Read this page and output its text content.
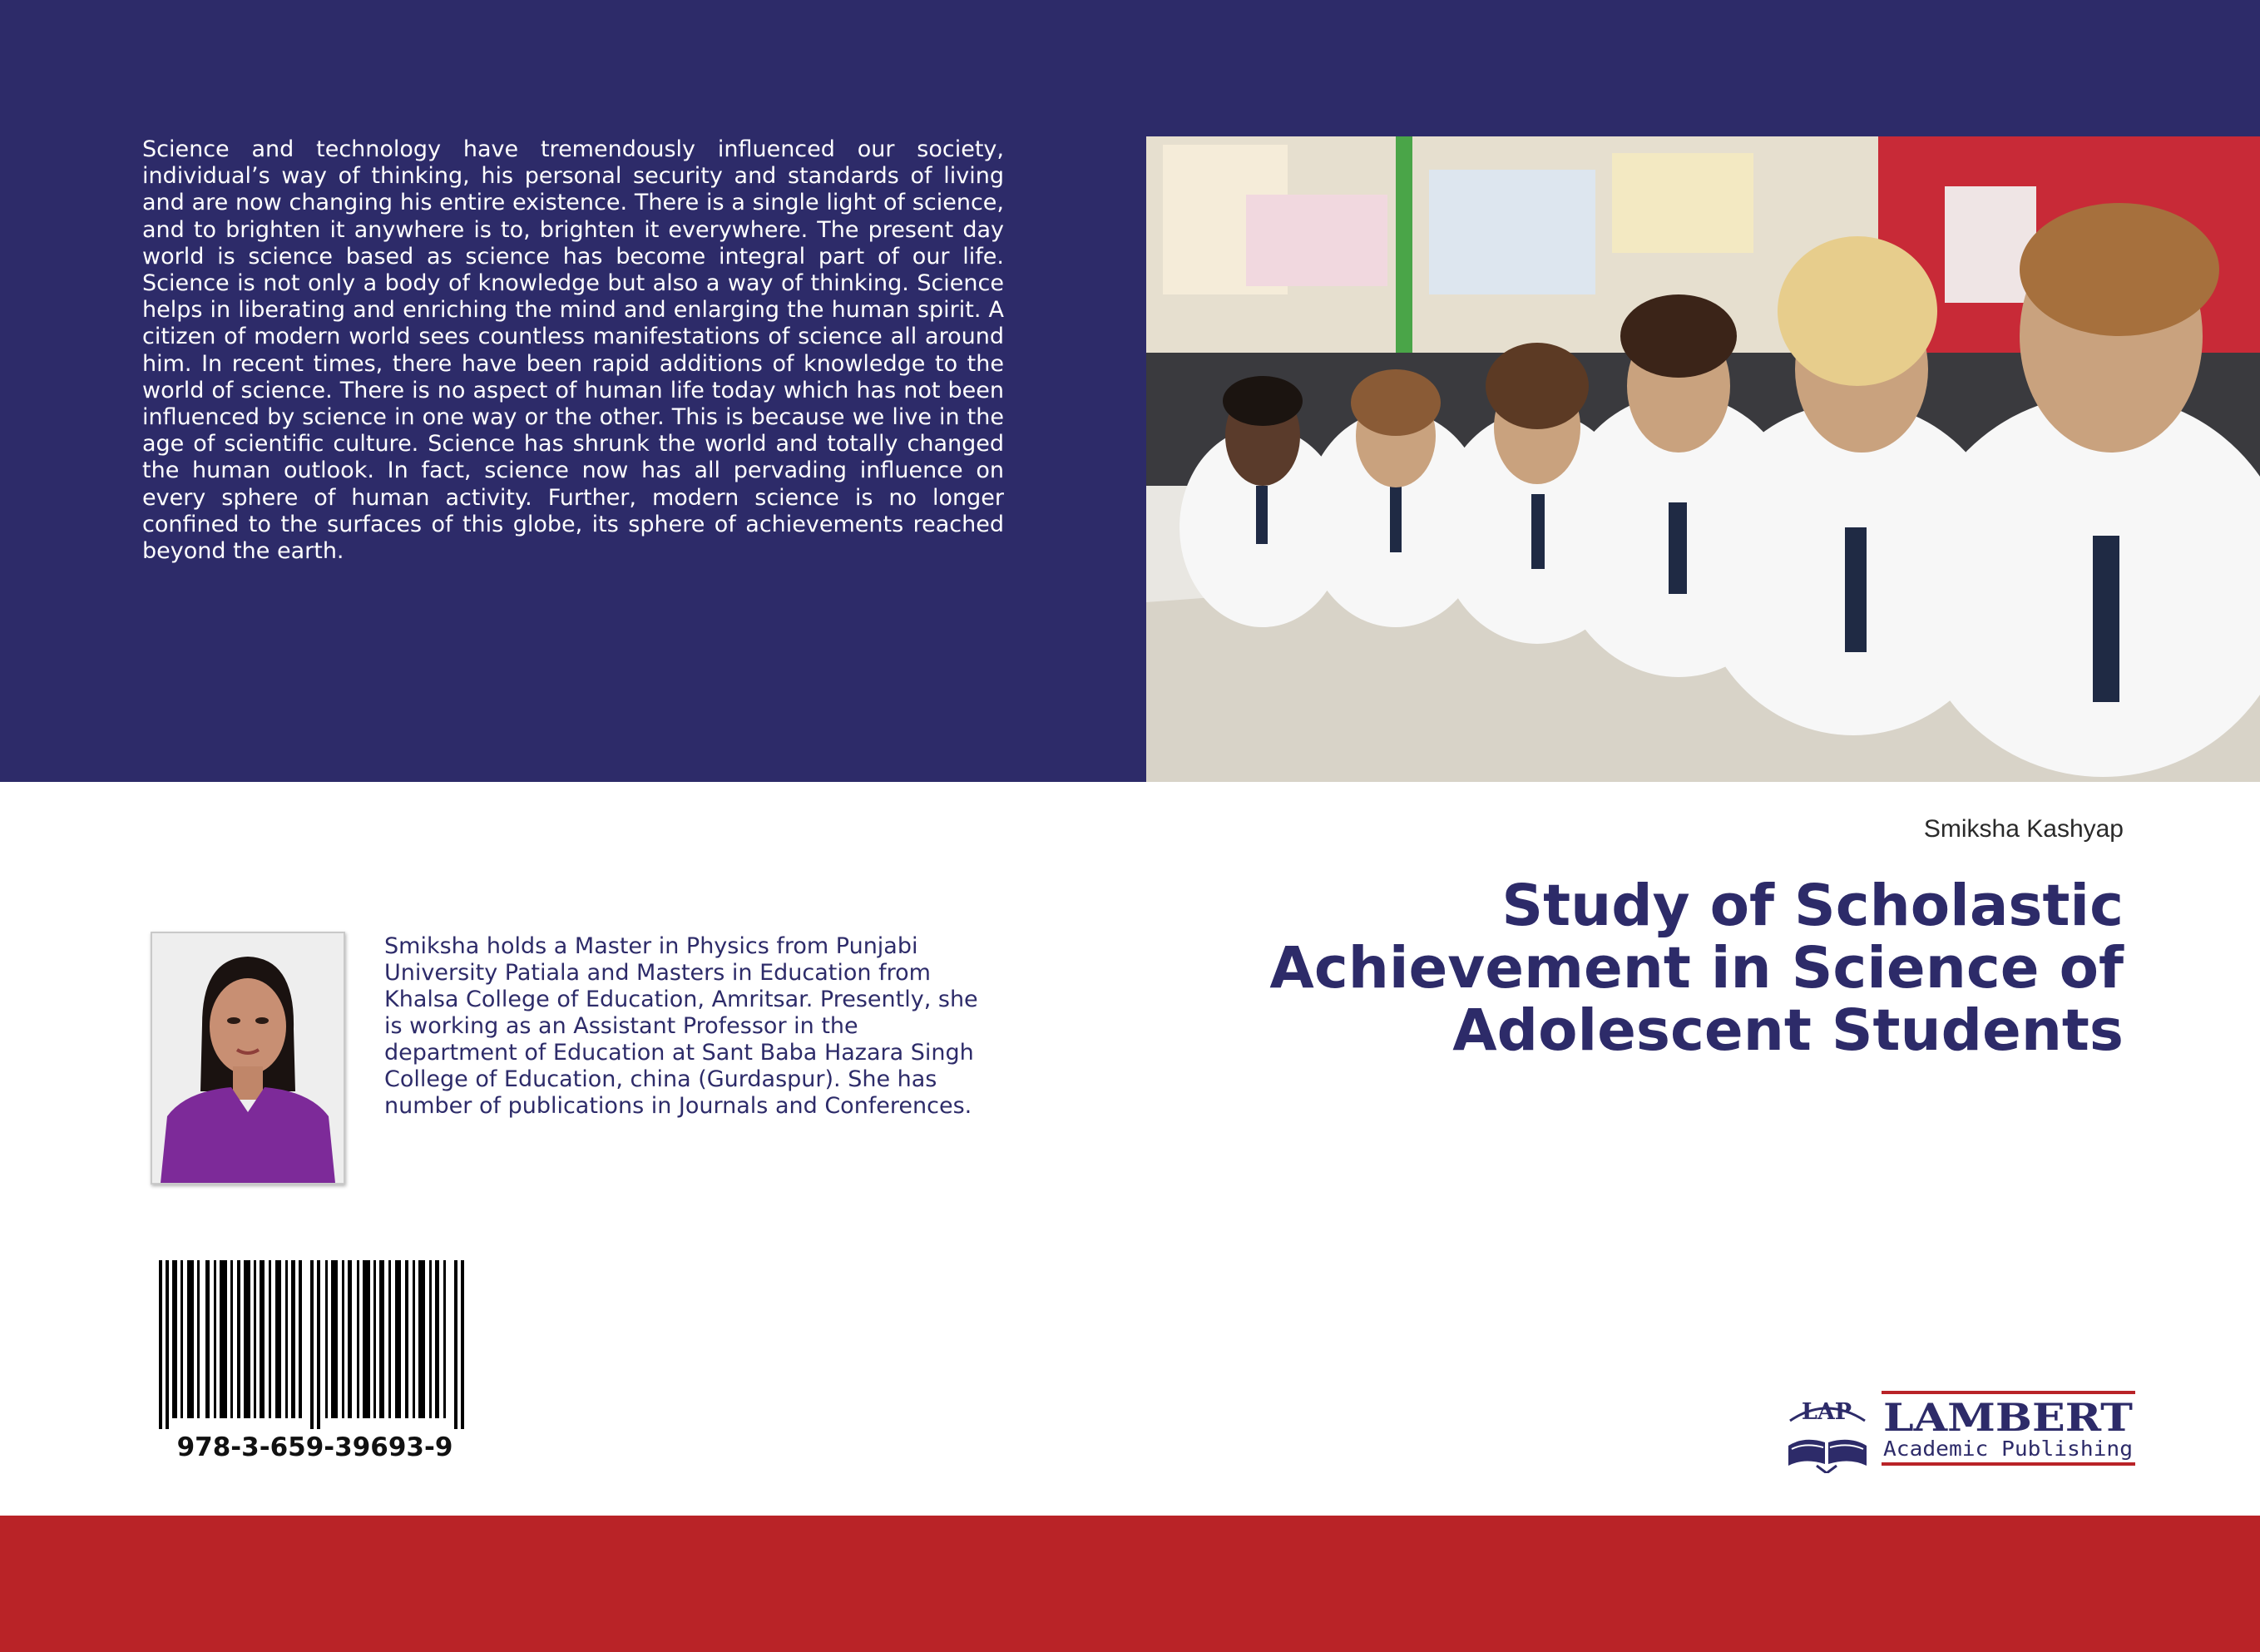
Science and technology have tremendously influenced our society, individual’s way of thinking, his personal security and standards of living and are now changing his entire existence. There is a single light of science, and to brighten it anywhere is to, brighten it everywhere. The present day world is science based as science has become integral part of our life. Science is not only a body of knowledge but also a way of thinking. Science helps in liberating and enriching the mind and enlarging the human spirit. A citizen of modern world sees countless manifestations of science all around him. In recent times, there have been rapid additions of knowledge to the world of science. There is no aspect of human life today which has not been influenced by science in one way or the other. This is because we live in the age of scientific culture. Science has shrunk the world and totally changed the human outlook. In fact, science now has all pervading influence on every sphere of human activity. Further, modern science is no longer confined to the surfaces of this globe, its sphere of achievements reached beyond the earth.

Smiksha Kashyap
Study of Scholastic Achievement in Science of Adolescent Students

Smiksha holds a Master in Physics from Punjabi University Patiala and Masters in Education from Khalsa College of Education, Amritsar. Presently, she is working as an Assistant Professor in the department of Education at Sant Baba Hazara Singh College of Education, china (Gurdaspur). She has number of publications in Journals and Conferences.

978-3-659-39693-9
LAP LAMBERT
Academic Publishing
